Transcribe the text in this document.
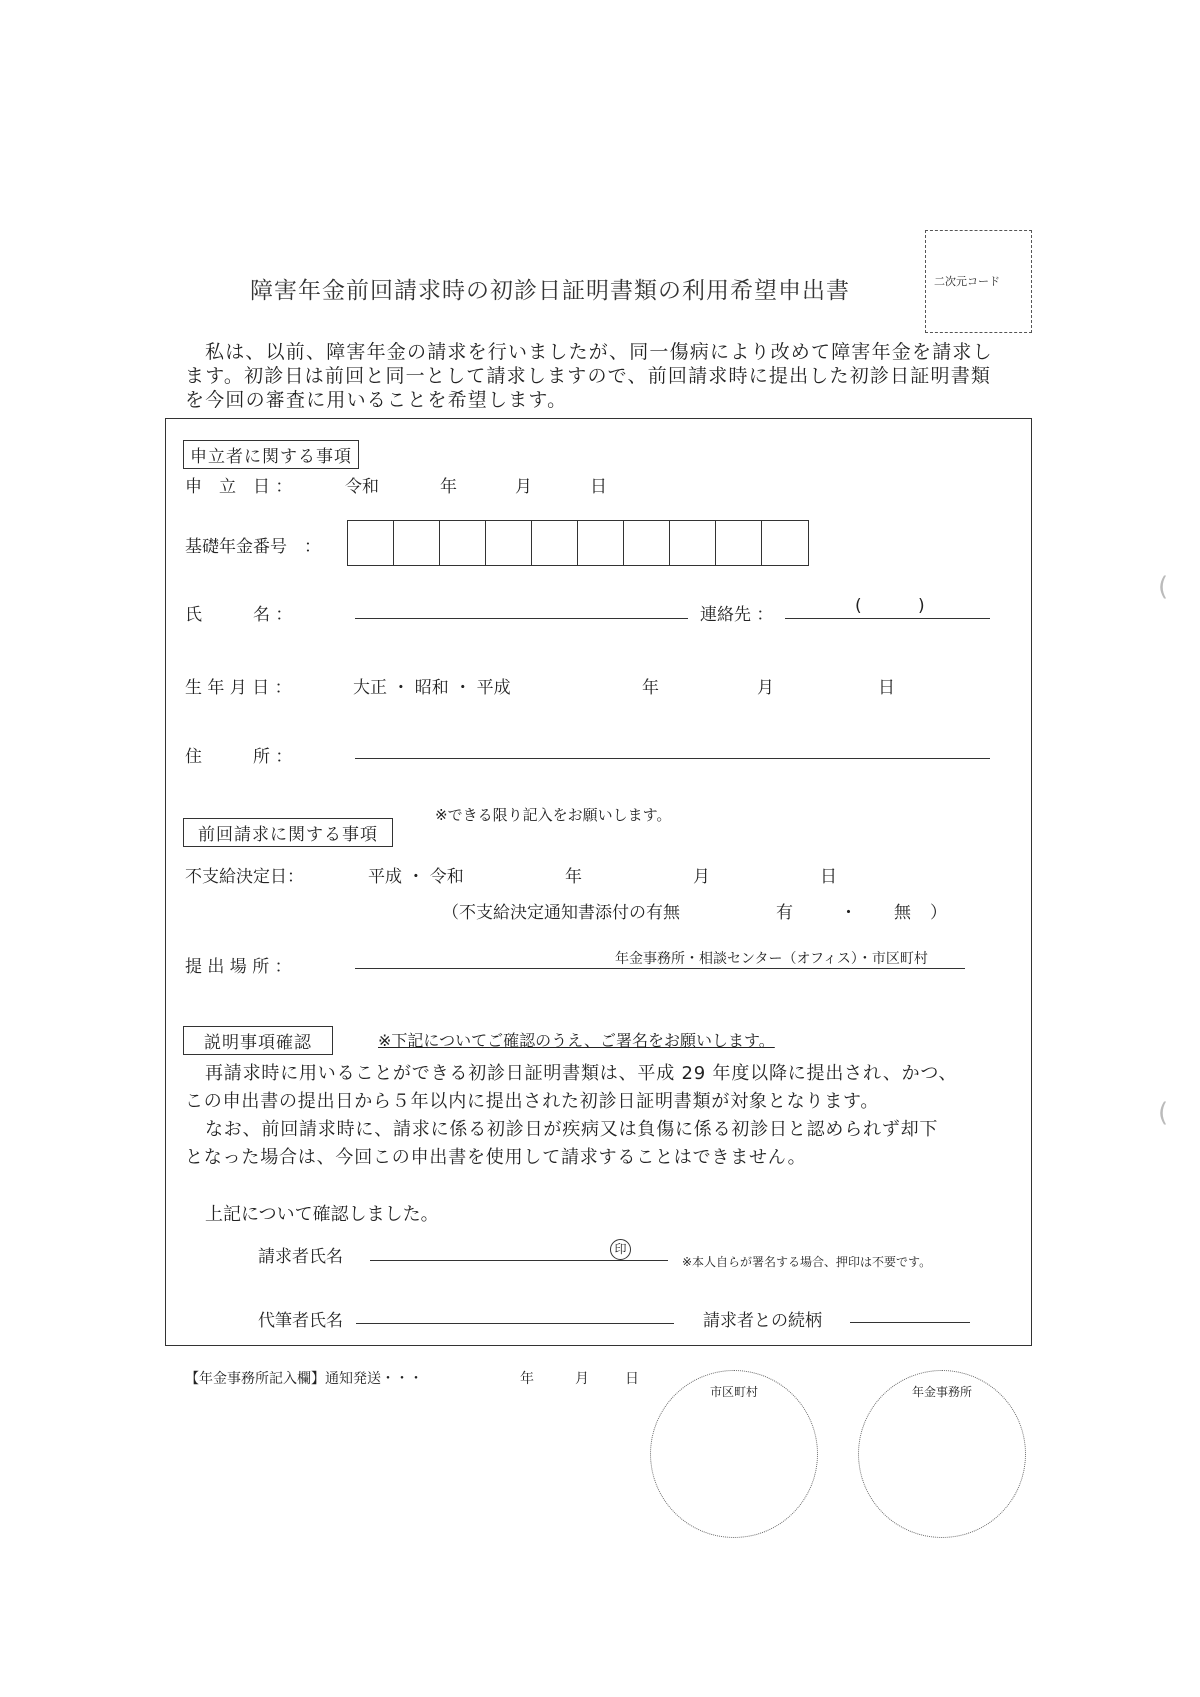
障害年金前回請求時の初診日証明書類の利用希望申出書	二次元コード

私は、以前、障害年金の請求を行いましたが、同一傷病により改めて障害年金を請求し

ます。初診日は前回と同一として請求しますので、前回請求時に提出した初診日証明書類

を今回の審査に用いることを希望します。

申立者に関する事項
申　立　日 ：	令和	年	月	日
基礎年金番号　：
氏　　　名 ：	連絡先 ：	(	)
生 年 月 日 ：	大正 ・ 昭和 ・ 平成	年	月	日
住　　　所 ：
※できる限り記入をお願いします。
前回請求に関する事項
不支給決定日：	平成 ・ 令和	年	月	日
（不支給決定通知書添付の有無	有	・ 無 ）
提 出 場 所 ：	年金事務所・相談センター（オフィス）・市区町村
説明事項確認	※下記についてご確認のうえ、ご署名をお願いします。

再請求時に用いることができる初診日証明書類は、平成 29 年度以降に提出され、かつ、

この申出書の提出日から５年以内に提出された初診日証明書類が対象となります。

なお、前回請求時に、請求に係る初診日が疾病又は負傷に係る初診日と認められず却下

となった場合は、今回この申出書を使用して請求することはできません。

上記について確認しました。
請求者氏名	印
※本人自らが署名する場合、押印は不要です。
代筆者氏名	請求者との続柄
【年金事務所記入欄】通知発送・・・	年	月	日
市区町村	年金事務所
(
(
